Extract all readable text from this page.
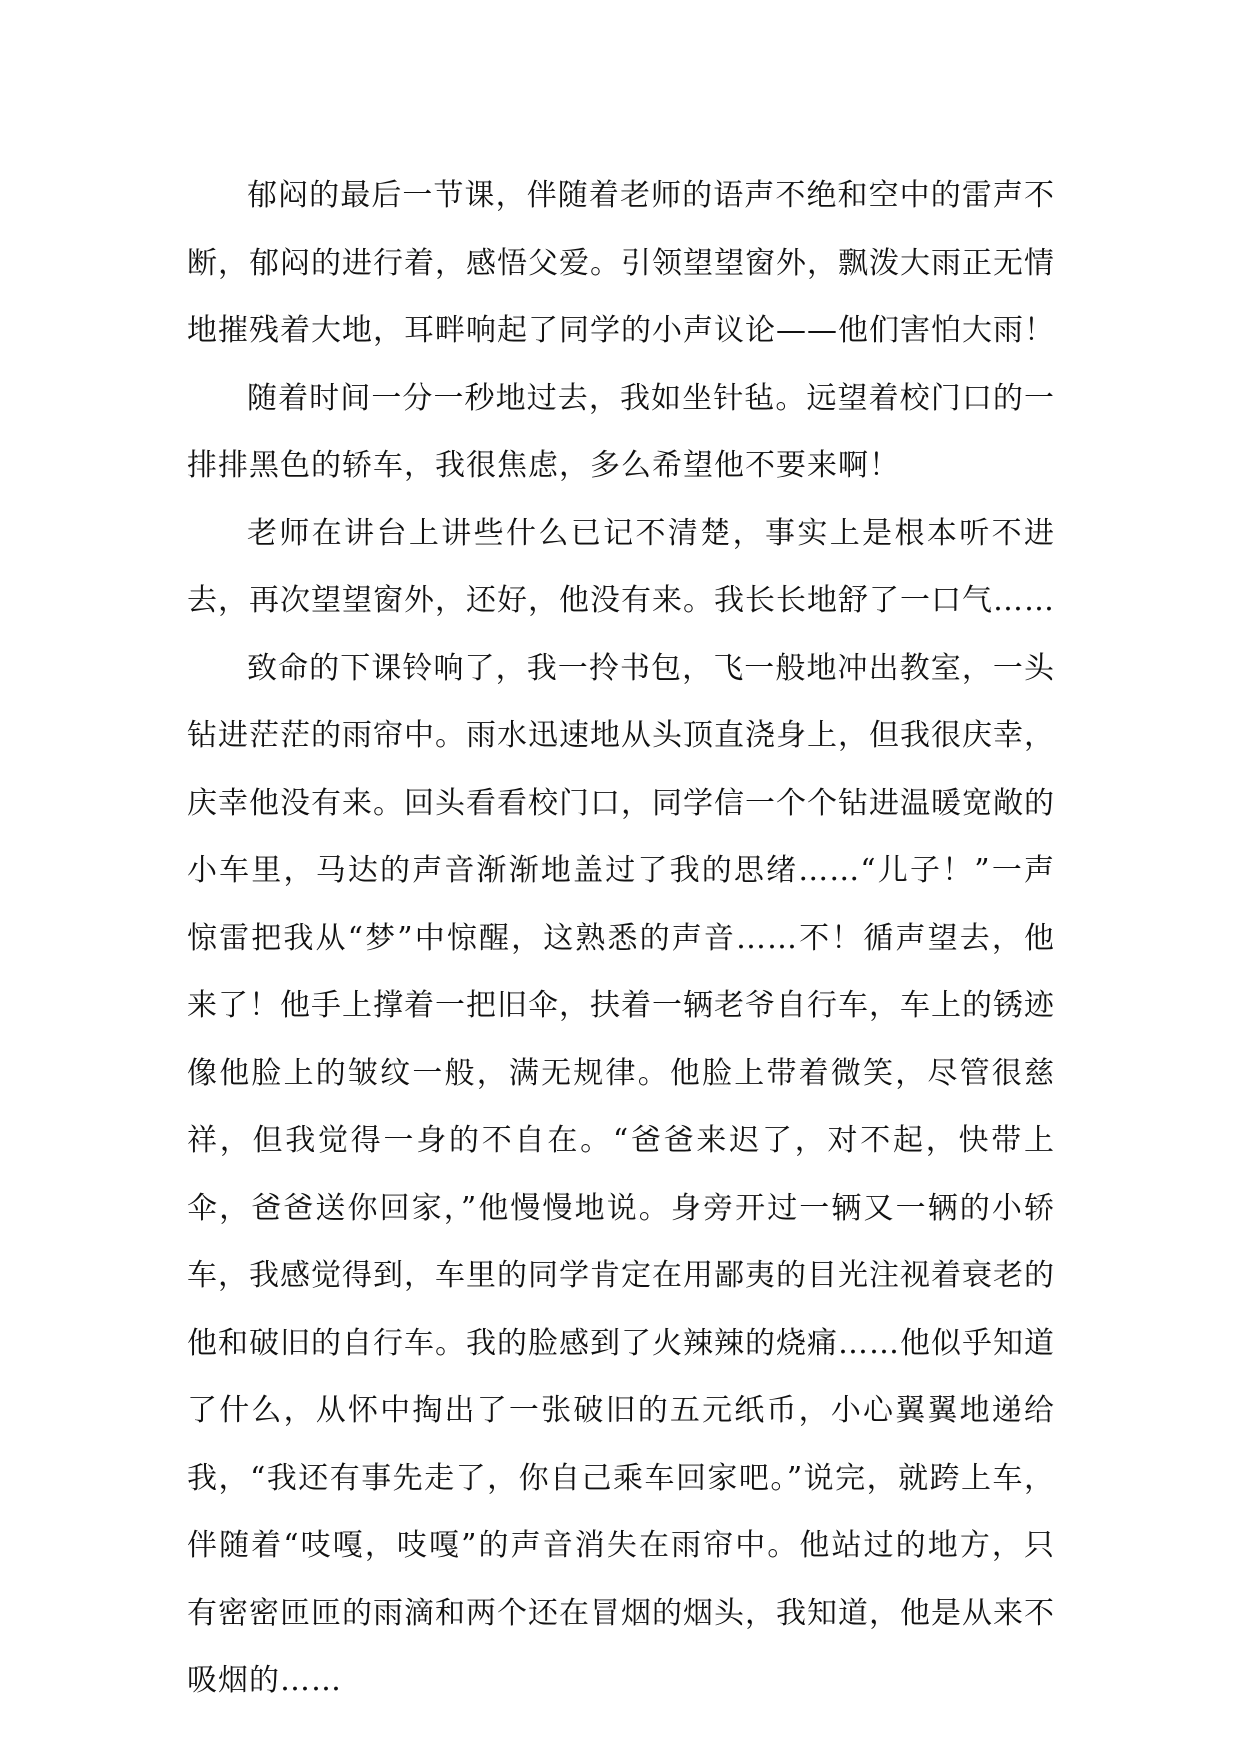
郁闷的最后一节课，伴随着老师的语声不绝和空中的雷声不断，郁闷的进行着，感悟父爱。引领望望窗外，飘泼大雨正无情地摧残着大地，耳畔响起了同学的小声议论——他们害怕大雨！

随着时间一分一秒地过去，我如坐针毡。远望着校门口的一排排黑色的轿车，我很焦虑，多么希望他不要来啊！

老师在讲台上讲些什么已记不清楚，事实上是根本听不进去，再次望望窗外，还好，他没有来。我长长地舒了一口气……

致命的下课铃响了，我一拎书包，飞一般地冲出教室，一头钻进茫茫的雨帘中。雨水迅速地从头顶直浇身上，但我很庆幸，庆幸他没有来。回头看看校门口，同学信一个个钻进温暖宽敞的小车里，马达的声音渐渐地盖过了我的思绪……“儿子！”一声惊雷把我从“梦”中惊醒，这熟悉的声音……不！循声望去，他来了！他手上撑着一把旧伞，扶着一辆老爷自行车，车上的锈迹像他脸上的皱纹一般，满无规律。他脸上带着微笑，尽管很慈祥，但我觉得一身的不自在。“爸爸来迟了，对不起，快带上伞，爸爸送你回家，”他慢慢地说。身旁开过一辆又一辆的小轿车，我感觉得到，车里的同学肯定在用鄙夷的目光注视着衰老的他和破旧的自行车。我的脸感到了火辣辣的烧痛……他似乎知道了什么，从怀中掏出了一张破旧的五元纸币，小心翼翼地递给我，“我还有事先走了，你自己乘车回家吧。”说完，就跨上车，伴随着“吱嘎，吱嘎”的声音消失在雨帘中。他站过的地方，只有密密匝匝的雨滴和两个还在冒烟的烟头，我知道，他是从来不吸烟的……
